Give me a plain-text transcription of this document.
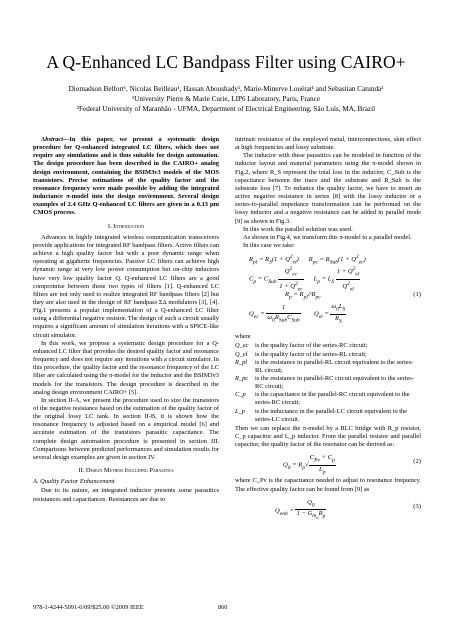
A Q-Enhanced LC Bandpass Filter using CAIRO+
Diomadson Belfort¹, Nicolas Beilleau¹, Hassan Aboushady¹, Marie-Minerve Louërat¹ and Sebastian Catunda²
¹University Pierre & Marie Curie, LIP6 Laboratory, Paris, France
²Federal University of Maranhão - UFMA, Department of Electrical Engineering, São Luís, MA, Brazil

Abstract—In this paper, we present a systematic design procedure for Q-enhanced integrated LC filters, which does not require any simulations and is thus suitable for design automation. The design procedure has been described in the CAIRO+ analog design environment, containing the BSIM3v3 models of the MOS transistors. Precise estimations of the quality factor and the resonance frequency were made possible by adding the integrated inductance π-model into the design environment. Several design examples of 2.4 GHz Q-enhanced LC filters are given in a 0.13 μm CMOS process.

I. Introduction

Advances in highly integrated wireless communication transceivers provide applications for integrated RF bandpass filters. Active filters can achieve a high quality factor but with a poor dynamic range when operating at gigahertz frequencies. Passive LC filters can achieve high dynamic range at very low power consumption but on-chip inductors have very low quality factor Q. Q-enhanced LC filters are a good compromise between these two types of filters [1]. Q-enhanced LC filters are not only used to realize integrated RF bandpass filters [2] but they are also used in the design of RF bandpass ΣΔ modulators [3], [4]. Fig.1 presents a popular implementation of a Q-enhanced LC filter using a differential negative resistor. The design of such a circuit usually requires a significant amount of simulation iterations with a SPICE-like circuit simulator.

In this work, we propose a systematic design procedure for a Q-enhanced LC filter that provides the desired quality factor and resonance frequency and does not require any iterations with a circuit simulator. In this procedure, the quality factor and the resonance frequency of the LC filter are calculated using the π-model for the inductor and the BSIM3v3 models for the transistors. The design procedure is described in the analog design environment CAIRO+ [5].

In section II-A, we present the procedure used to size the transistors of the negative resistance based on the estimation of the quality factor of the original lossy LC tank. In section II-B, it is shown how the resonance frequency is adjusted based on a empirical model [6] and accurate estimation of the transistors parasitic capacitance. The complete design automation procedure is presented in section III. Comparisons between predicted performances and simulation results for several design examples are given in section IV.

II. Design Method Including Parasitics

A. Quality Factor Enhancement

Due to its nature, an integrated inductor presents some parasitics resistances and capacitances. Resistances are due to

intrinsic resistance of the employed metal, interconnections, skin effect at high frequencies and lossy substrate.

The inductor with these parasitics can be modeled in function of the inductor layout and material parameters using the π-model shown in Fig.2, where R_S represent the total loss in the inductor, C_Sub is the capacitance between the trace and the substrate and R_Sub is the substrate loss [7]. To enhance the quality factor, we have to insert an active negative resistance in series [8] with the lossy inductor or a series-to-parallel impedance transformation can be performed on the lossy inductor and a negative resistance can be added in parallel mode [9] as shown in Fig.3.

In this work the parallel solution was used.

As shown in Fig.4, we transform this π-model to a parallel model.

In this case we take:

$R_{pl} = R_S(1 + Q^2_{el})$      $R_{pc} = R_{Sub}(1 + Q^2_{ec})$
$C_p = C_{Sub} \frac{Q^2_{ec}}{1 + Q^2_{ec}} L_p = L_S \frac{1 + Q^2_{el}}{Q^2_{el}}$
$R_p = R_{pl}//R_{pc}$	(1)
$Q_{ec} = \frac{1}{\omega_0R_{Sub}C_{Sub}} Q_{el} = \frac{\omega_0L_S}{R_S}$

where

Q_ec	is the quality factor of the series-RC circuit;
Q_el	is the quality factor of the series-RL circuit;
R_pl	is the resistance in parallel-RL circuit equivalent to the series-RL circuit;
R_pc	is the resistance in parallel-RC circuit equivalent to the series-RC circuit;
C_p	is the capacitance in the parallel-RC circuit equivalent to the series-RC circuit;
L_p	is the inductance in the parallel-LC circuit equivalent to the series-LC circuit.

Then we can replace the π-model by a RLC bridge with R_p resistor, C_p capacitor and L_p inductor. From the parallel resistor and parallel capacitor, the quality factor of the resonator can be derived as:

$Q_0 = R_p√ \frac{C_{Pv} + C_p}{L_p}$	(2)

where C_Pv is the capacitance needed to adjust to resonance frequency. The effective quality factor can be found from [9] as

$Q_{enh} = \frac{Q_0}{1 - G_{m_n}R_p}$	(3)
978-1-4244-5091-6/09/$25.00 ©2009 IEEE	860
